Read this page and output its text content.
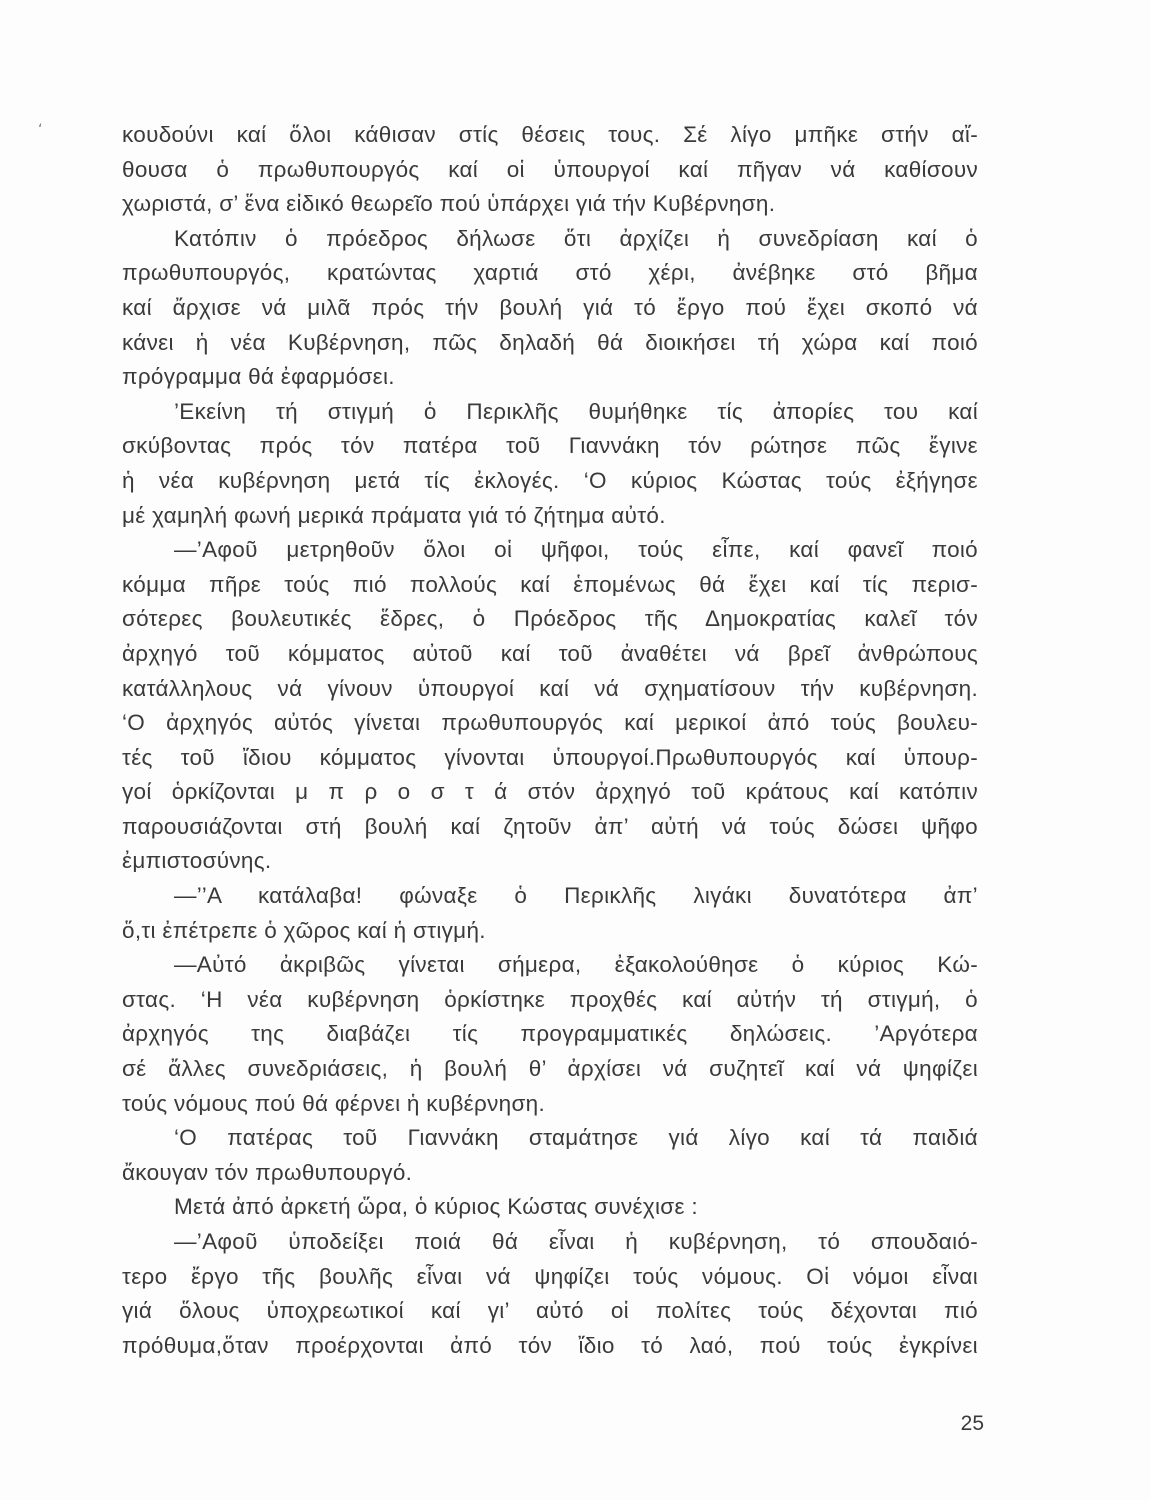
‘	κουδούνι καί ὅλοι κάθισαν στίς θέσεις τους. Σέ λίγο μπῆκε στήν αἴ-
θουσα ὁ πρωθυπουργός καί οἱ ὑπουργοί καί πῆγαν νά καθίσουν
χωριστά, σ’ ἕνα εἰδικό θεωρεῖο πού ὑπάρχει γιά τήν Κυβέρνηση.
Κατόπιν ὁ πρόεδρος δήλωσε ὅτι ἀρχίζει ἡ συνεδρίαση καί ὁ
πρωθυπουργός, κρατώντας χαρτιά στό χέρι, ἀνέβηκε στό βῆμα
καί ἄρχισε νά μιλᾶ πρός τήν βουλή γιά τό ἔργο πού ἔχει σκοπό νά
κάνει ἡ νέα Κυβέρνηση, πῶς δηλαδή θά διοικήσει τή χώρα καί ποιό
πρόγραμμα θά ἐφαρμόσει.
’Εκείνη τή στιγμή ὁ Περικλῆς θυμήθηκε τίς ἀπορίες του καί
σκύβοντας πρός τόν πατέρα τοῦ Γιαννάκη τόν ρώτησε πῶς ἔγινε
ἡ νέα κυβέρνηση μετά τίς ἐκλογές. ‘Ο κύριος Κώστας τούς ἐξήγησε
μέ χαμηλή φωνή μερικά πράματα γιά τό ζήτημα αὐτό.
—’Αφοῦ μετρηθοῦν ὅλοι οἱ ψῆφοι, τούς εἶπε, καί φανεῖ ποιό
κόμμα πῆρε τούς πιό πολλούς καί ἑπομένως θά ἔχει καί τίς περισ-
σότερες βουλευτικές ἕδρες, ὁ Πρόεδρος τῆς Δημοκρατίας καλεῖ τόν
ἀρχηγό τοῦ κόμματος αὐτοῦ καί τοῦ ἀναθέτει νά βρεῖ ἀνθρώπους
κατάλληλους νά γίνουν ὑπουργοί καί νά σχηματίσουν τήν κυβέρνηση.
‘Ο ἀρχηγός αὐτός γίνεται πρωθυπουργός καί μερικοί ἀπό τούς βουλευ-
τές τοῦ ἴδιου κόμματος γίνονται ὑπουργοί.Πρωθυπουργός καί ὑπουρ-
γοί ὁρκίζονται μ π ρ ο σ τ ά στόν ἀρχηγό τοῦ κράτους καί κατόπιν
παρουσιάζονται στή βουλή καί ζητοῦν ἀπ’ αὐτή νά τούς δώσει ψῆφο
ἐμπιστοσύνης.
—’’Α κατάλαβα! φώναξε ὁ Περικλῆς λιγάκι δυνατότερα ἀπ’
ὅ,τι ἐπέτρεπε ὁ χῶρος καί ἡ στιγμή.
—Αὐτό ἀκριβῶς γίνεται σήμερα, ἐξακολούθησε ὁ κύριος Κώ-
στας. ‘Η νέα κυβέρνηση ὁρκίστηκε προχθές καί αὐτήν τή στιγμή, ὁ
ἀρχηγός της διαβάζει τίς προγραμματικές δηλώσεις. ’Αργότερα
σέ ἄλλες συνεδριάσεις, ἡ βουλή θ’ ἀρχίσει νά συζητεῖ καί νά ψηφίζει
τούς νόμους πού θά φέρνει ἡ κυβέρνηση.
‘Ο πατέρας τοῦ Γιαννάκη σταμάτησε γιά λίγο καί τά παιδιά
ἄκουγαν τόν πρωθυπουργό.
Μετά ἀπό ἀρκετή ὥρα, ὁ κύριος Κώστας συνέχισε :
—’Αφοῦ ὑποδείξει ποιά θά εἶναι ἡ κυβέρνηση, τό σπουδαιό-
τερο ἔργο τῆς βουλῆς εἶναι νά ψηφίζει τούς νόμους. Οἱ νόμοι εἶναι
γιά ὅλους ὑποχρεωτικοί καί γι’ αὐτό οἱ πολίτες τούς δέχονται πιό
πρόθυμα,ὅταν προέρχονται ἀπό τόν ἴδιο τό λαό, πού τούς ἐγκρίνει
25
